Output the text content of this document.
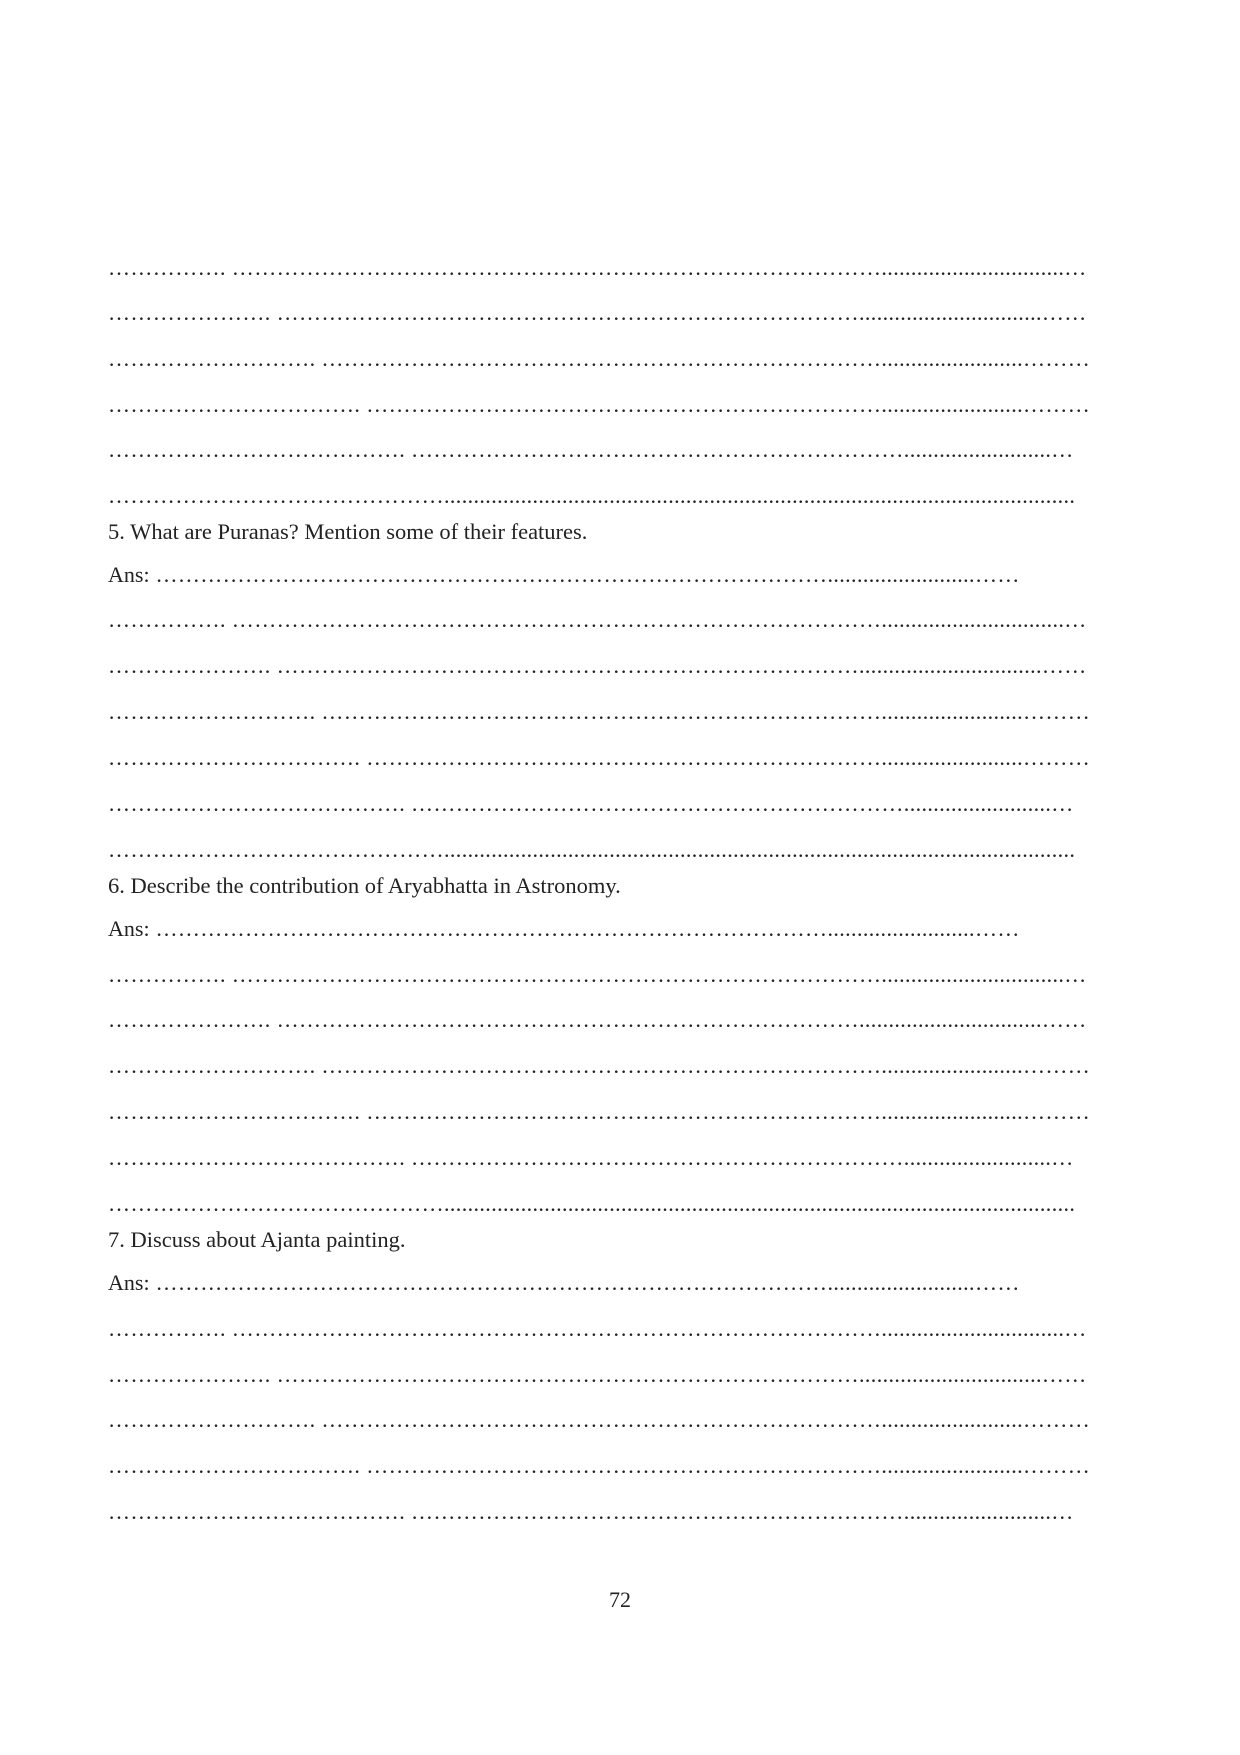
……………. ……………………………………………………………………………...............................…
…………………. ……………………………………………………………………...............................……
………………………. …………………………………………………………………........................………
……………………………. ……………………………………………………………........................………
…………………………………. ………………………………………………………….........................…
………………………………………...........................................................................................................
5. What are Puranas? Mention some of their features.
Ans: ……………………………………………………………………………….........................……
……………. ……………………………………………………………………………...............................…
…………………. ……………………………………………………………………...............................……
………………………. …………………………………………………………………........................………
……………………………. ……………………………………………………………........................………
…………………………………. ………………………………………………………….........................…
………………………………………...........................................................................................................
6. Describe the contribution of Aryabhatta in Astronomy.
Ans: ……………………………………………………………………………….........................……
……………. ……………………………………………………………………………...............................…
…………………. ……………………………………………………………………...............................……
………………………. …………………………………………………………………........................………
……………………………. ……………………………………………………………........................………
…………………………………. ………………………………………………………….........................…
………………………………………...........................................................................................................
7. Discuss about Ajanta painting.
Ans: ……………………………………………………………………………….........................……
……………. ……………………………………………………………………………...............................…
…………………. ……………………………………………………………………...............................……
………………………. …………………………………………………………………........................………
……………………………. ……………………………………………………………........................………
…………………………………. ………………………………………………………….........................…
72
